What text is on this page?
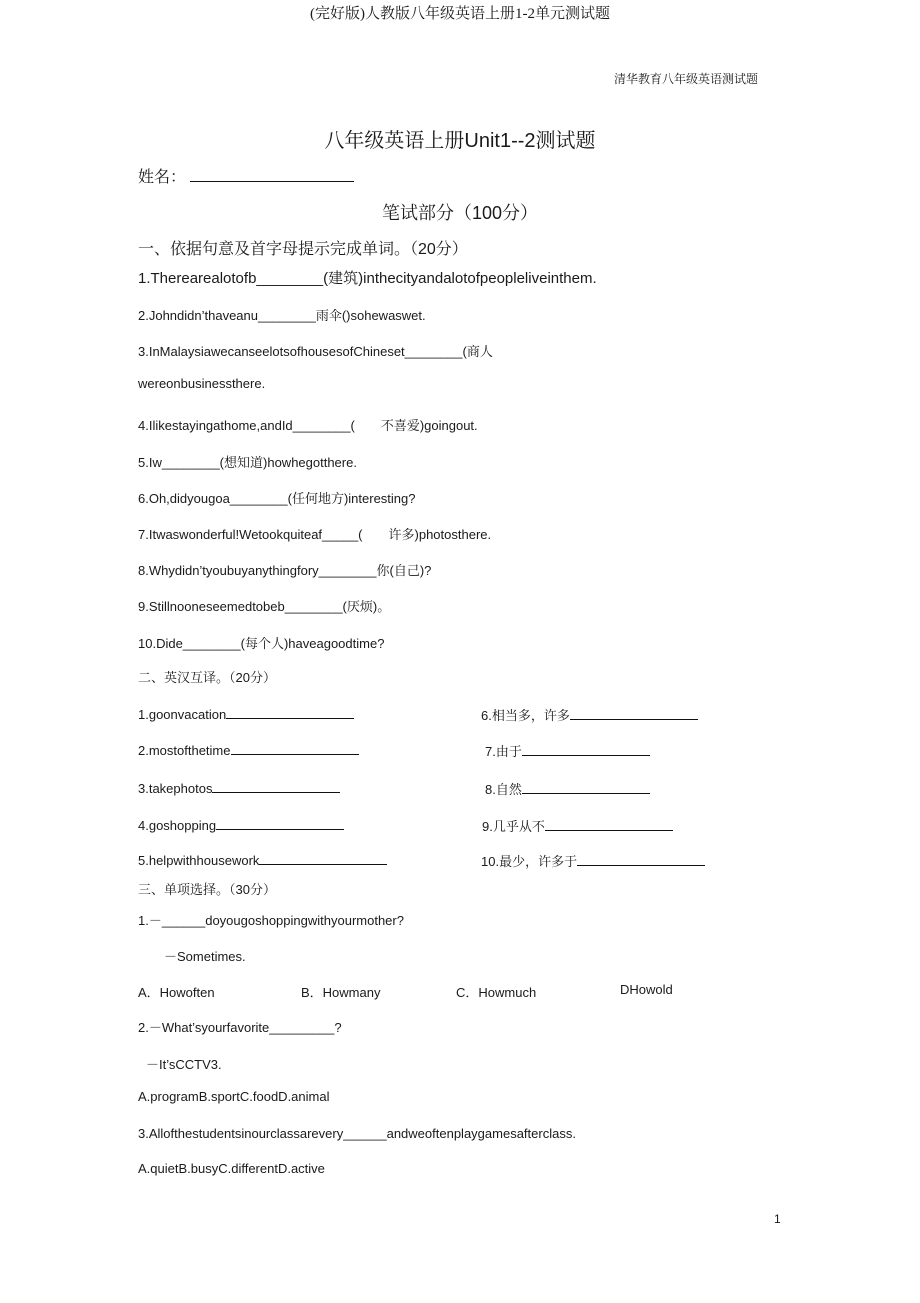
(完好版)人教版八年级英语上册1-2单元测试题
清华教育八年级英语测试题
八年级英语上册Unit1--2测试题
姓名：
笔试部分（100分）
一、依据句意及首字母提示完成单词。（20分）
1.Therearealotofb________(建筑)inthecityandalotofpeopleliveinthem.
2.Johndidn’thaveanu________雨伞()sohewaswet.
3.InMalaysiawecanseelotsofhousesofChineset________(商人
wereonbusinessthere.
4.Ilikestayingathome,andId________(　　不喜爱)goingout.
5.Iw________(想知道)howhegotthere.
6.Oh,didyougoa________(任何地方)interesting?
7.Itwaswonderful!Wetookquiteaf_____(　　许多)photosthere.
8.Whydidn’tyoubuyanythingfory________你(自己)?
9.Stillnooneseemedtobeb________(厌烦)。
10.Dide________(每个人)haveagoodtime?
二、英汉互译。（20分）
1.goonvacation	6.相当多，许多
2.mostofthetime	7.由于
3.takephotos	8.自然
4.goshopping	9.几乎从不
5.helpwithhousework	10.最少，许多于
三、单项选择。（30分）
1.－______doyougoshoppingwithyourmother?
－Sometimes.
A．Howoften	B．Howmany	C．Howmuch	DHowold
2.－What’syourfavorite_________?
－It’sCCTV3.
A.programB.sportC.foodD.animal
3.Allofthestudentsinourclassarevery______andweoftenplaygamesafterclass.
A.quietB.busyC.differentD.active
1
